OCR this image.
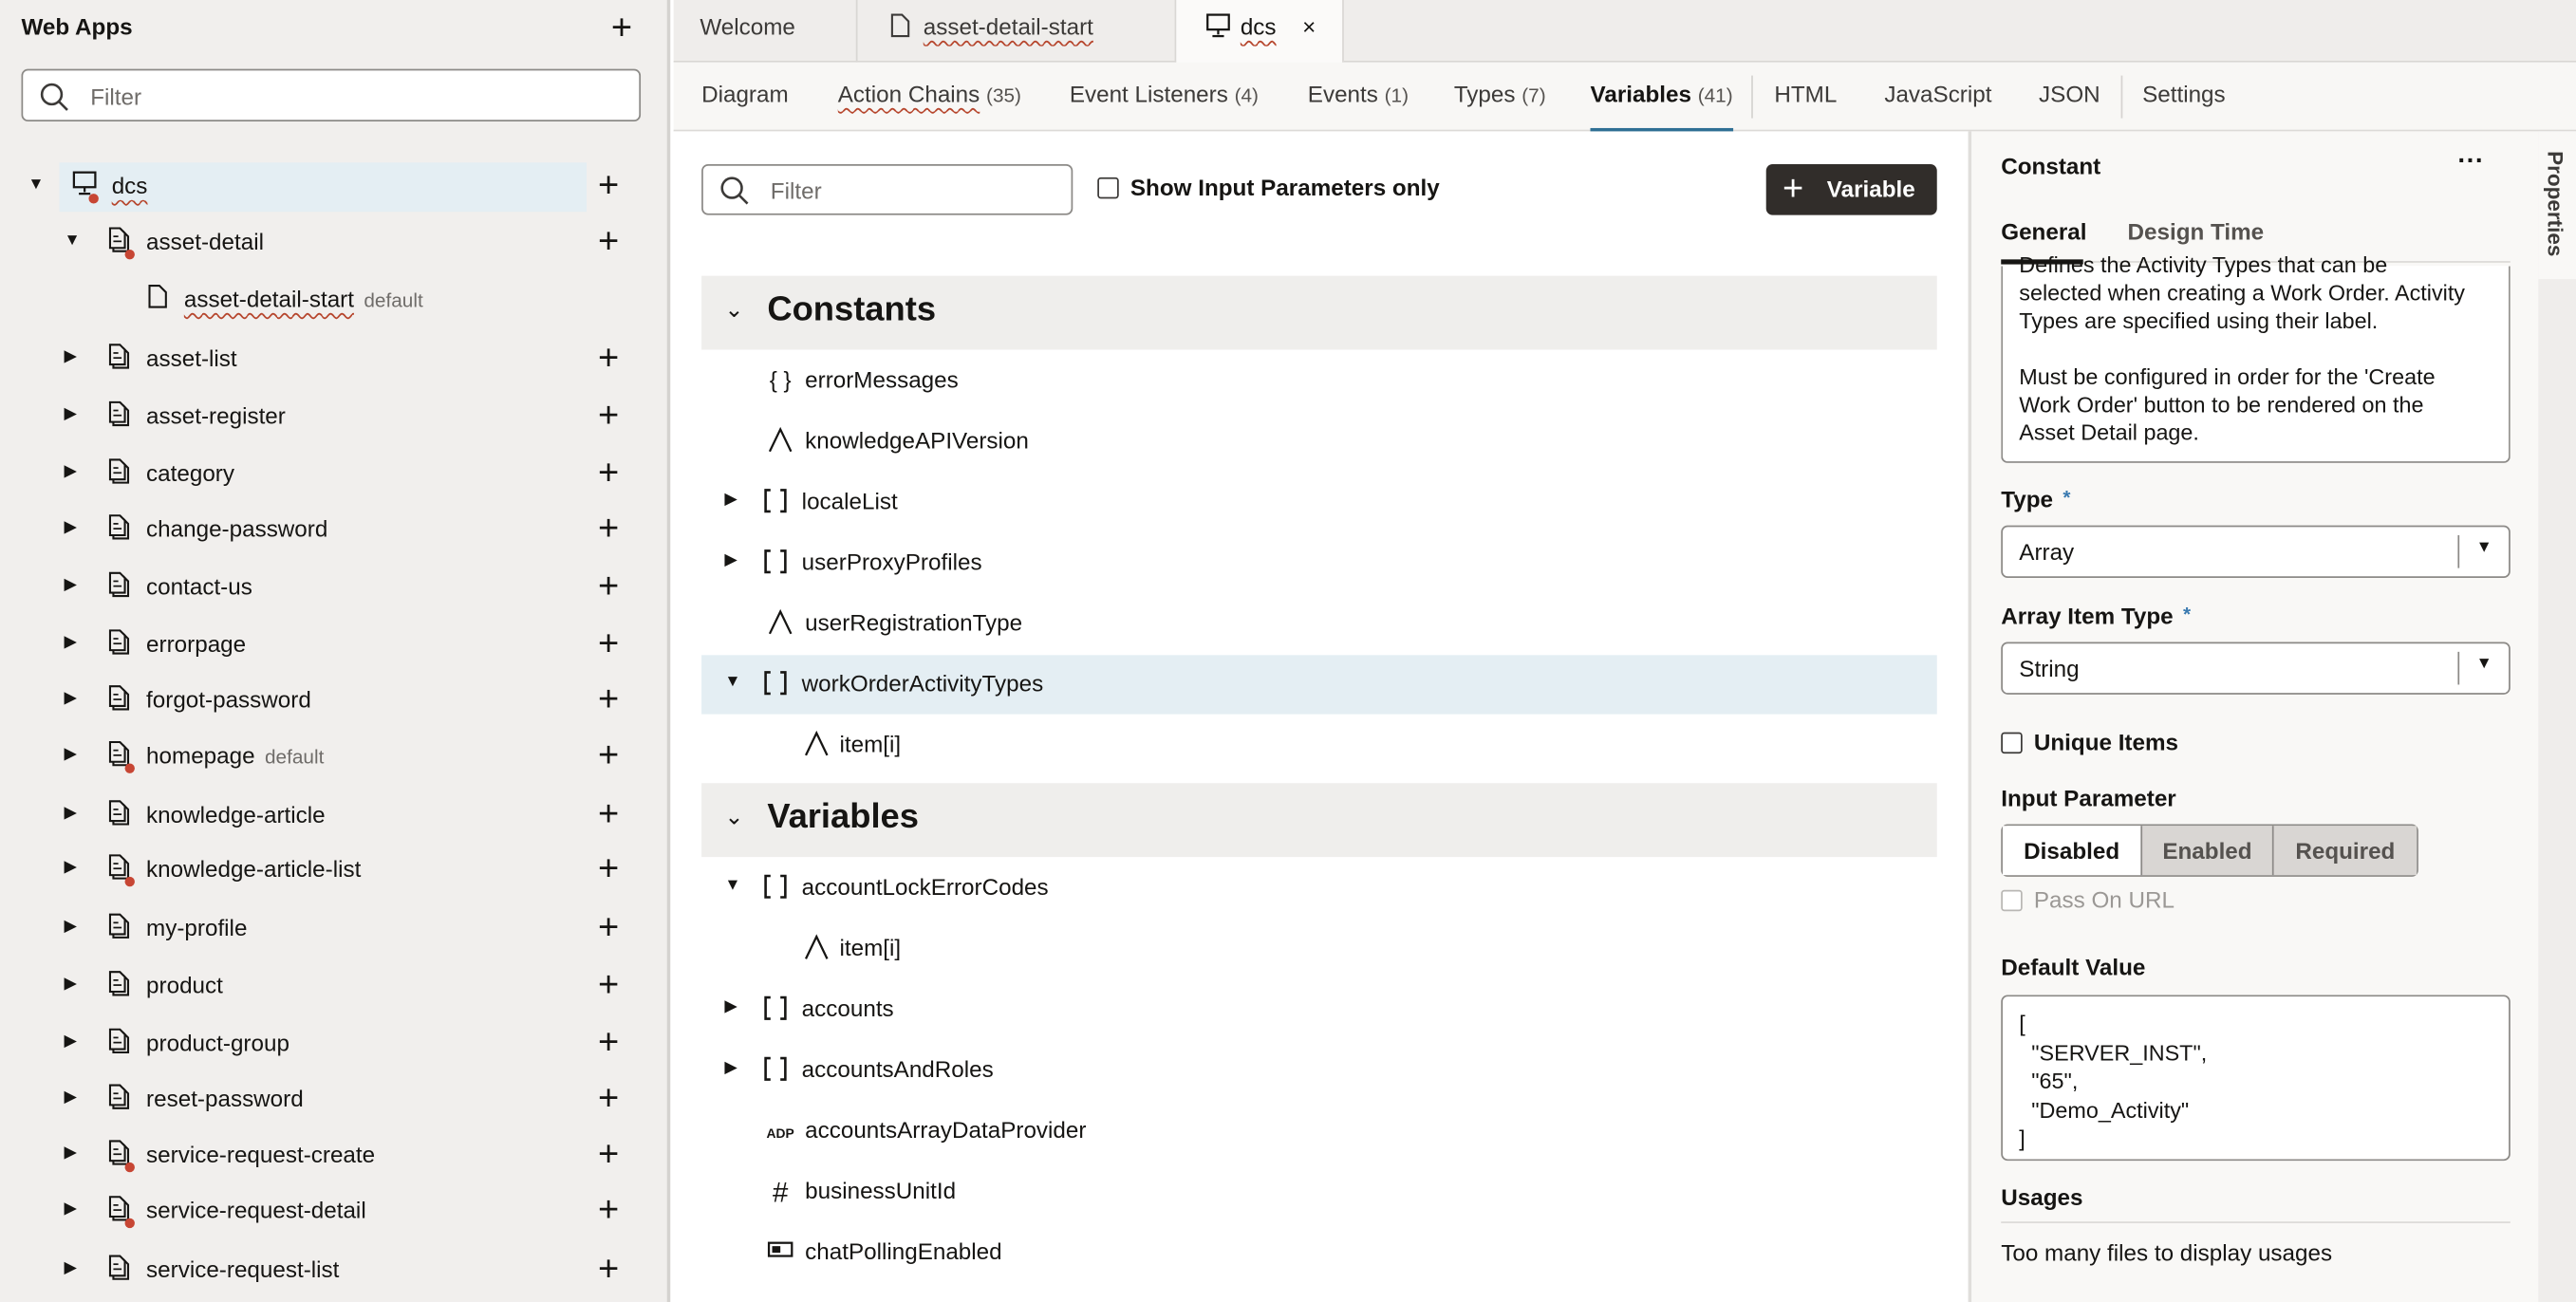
Web Apps	+
Filter
▼	dcs	+
▼	asset-detail	+
asset-detail-start default
▶	asset-list	+
▶	asset-register	+
▶	category	+
▶	change-password	+
▶	contact-us	+
▶	errorpage	+
▶	forgot-password	+
▶	homepage default	+
▶	knowledge-article	+
▶	knowledge-article-list	+
▶	my-profile	+
▶	product	+
▶	product-group	+
▶	reset-password	+
▶	service-request-create	+
▶	service-request-detail	+
▶	service-request-list	+
Welcome	asset-detail-start	dcs ×
Diagram	Action Chains (35)	Event Listeners (4)	Events (1)	Types (7)	Variables (41)	HTML	JavaScript	JSON	Settings
Filter	Show Input Parameters only	+ Variable
⌄ Constants
{ }	errorMessages
knowledgeAPIVersion
▶	localeList
▶	userProxyProfiles
userRegistrationType
▼	workOrderActivityTypes
item[i]
⌄ Variables
▼	accountLockErrorCodes
item[i]
▶	accounts
▶	accountsAndRoles
ADP accountsArrayDataProvider
#	businessUnitId
chatPollingEnabled
Constant	···
General	Design Time
Defines the Activity Types that can be
selected when creating a Work Order. Activity
Types are specified using their label.
Must be configured in order for the 'Create
Work Order' button to be rendered on the
Asset Detail page.
Type *
Array	▼
Array Item Type *
String	▼
Unique Items
Input Parameter
Disabled	Enabled	Required
Pass On URL
Default Value
[
"SERVER_INST",
"65",
"Demo_Activity"
]
Usages
Too many files to display usages
Properties
